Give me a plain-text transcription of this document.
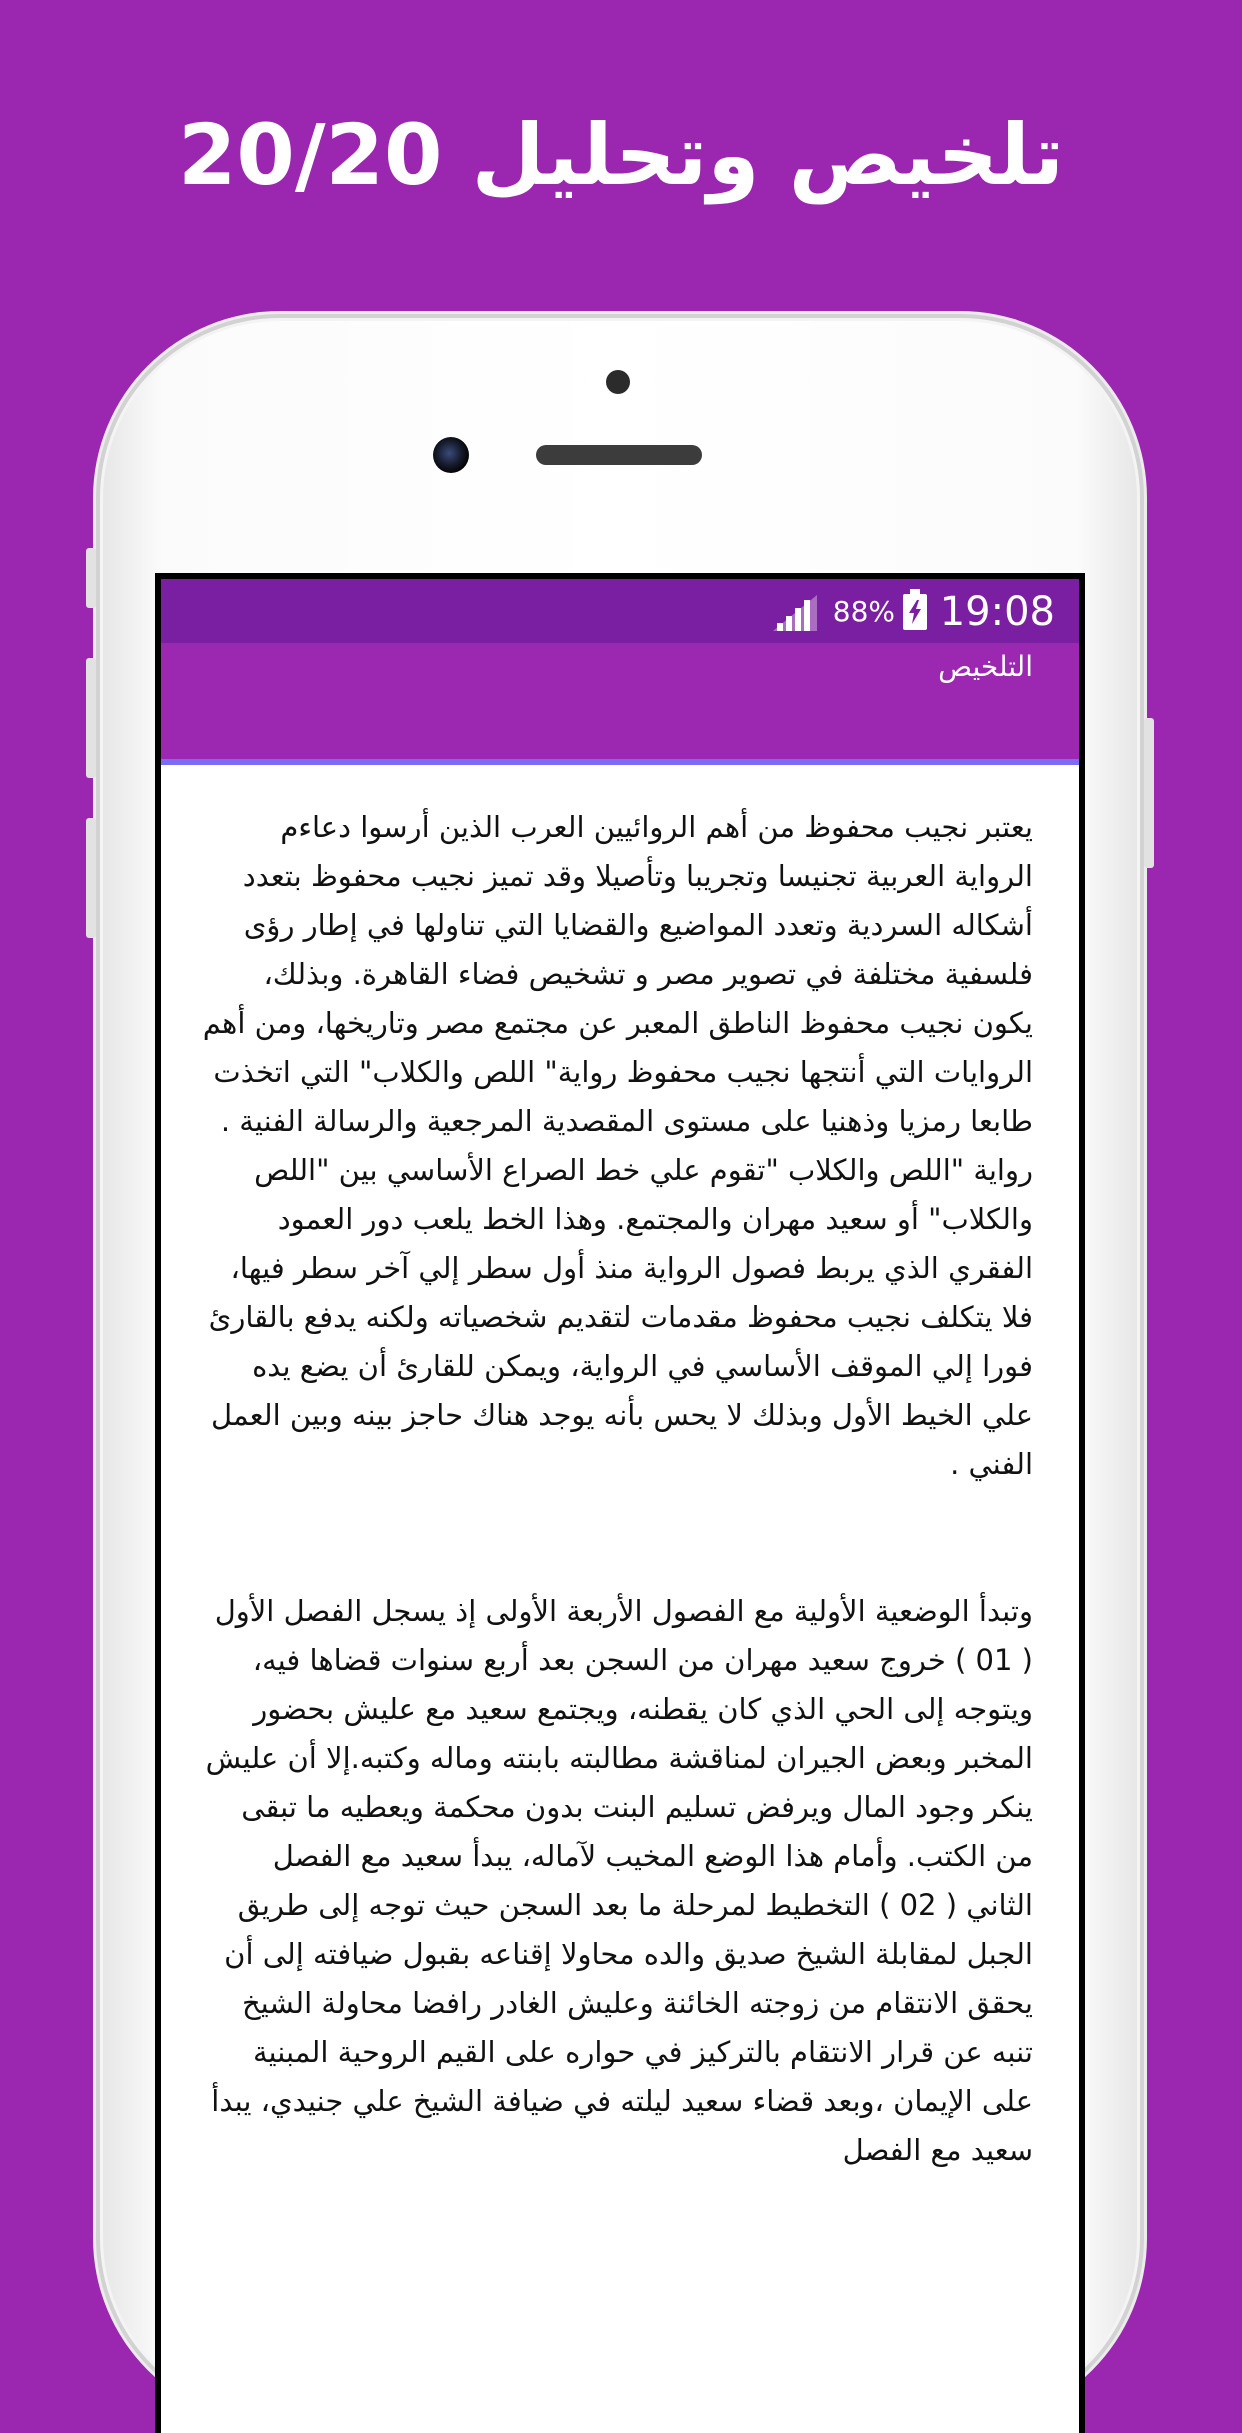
تلخيص وتحليل 20/20
88% 19:08
التلخيص

يعتبر نجيب محفوظ من أهم الروائيين العرب الذين أرسوا دعاءم الرواية العربية تجنيسا وتجريبا وتأصيلا وقد تميز نجيب محفوظ بتعدد أشكاله السردية وتعدد المواضيع والقضايا التي تناولها في إطار رؤى فلسفية مختلفة في تصوير مصر و تشخيص فضاء القاهرة. وبذلك، يكون نجيب محفوظ الناطق المعبر عن مجتمع مصر وتاريخها، ومن أهم الروايات التي أنتجها نجيب محفوظ رواية" اللص والكلاب" التي اتخذت طابعا رمزيا وذهنيا على مستوى المقصدية المرجعية والرسالة الفنية .

رواية "اللص والكلاب "تقوم علي خط الصراع الأساسي بين "اللص والكلاب" أو سعيد مهران والمجتمع. وهذا الخط يلعب دور العمود الفقري الذي يربط فصول الرواية منذ أول سطر إلي آخر سطر فيها، فلا يتكلف نجيب محفوظ مقدمات لتقديم شخصياته ولكنه يدفع بالقارئ فورا إلي الموقف الأساسي في الرواية، ويمكن للقارئ أن يضع يده علي الخيط الأول وبذلك لا يحس بأنه يوجد هناك حاجز بينه وبين العمل الفني .

وتبدأ الوضعية الأولية مع الفصول الأربعة الأولى إذ يسجل الفصل الأول ( 01 ) خروج سعيد مهران من السجن بعد أربع سنوات قضاها فيه، ويتوجه إلى الحي الذي كان يقطنه، ويجتمع سعيد مع عليش بحضور المخبر وبعض الجيران لمناقشة مطالبته بابنته وماله وكتبه.إلا أن عليش ينكر وجود المال ويرفض تسليم البنت بدون محكمة ويعطيه ما تبقى من الكتب. وأمام هذا الوضع المخيب لآماله، يبدأ سعيد مع الفصل الثاني ( 02 ) التخطيط لمرحلة ما بعد السجن حيث توجه إلى طريق الجبل لمقابلة الشيخ صديق والده محاولا إقناعه بقبول ضيافته إلى أن يحقق الانتقام من زوجته الخائنة وعليش الغادر رافضا محاولة الشيخ تنبه عن قرار الانتقام بالتركيز في حواره على القيم الروحية المبنية على الإيمان ،وبعد قضاء سعيد ليلته في ضيافة الشيخ علي جنيدي، يبدأ سعيد مع الفصل
